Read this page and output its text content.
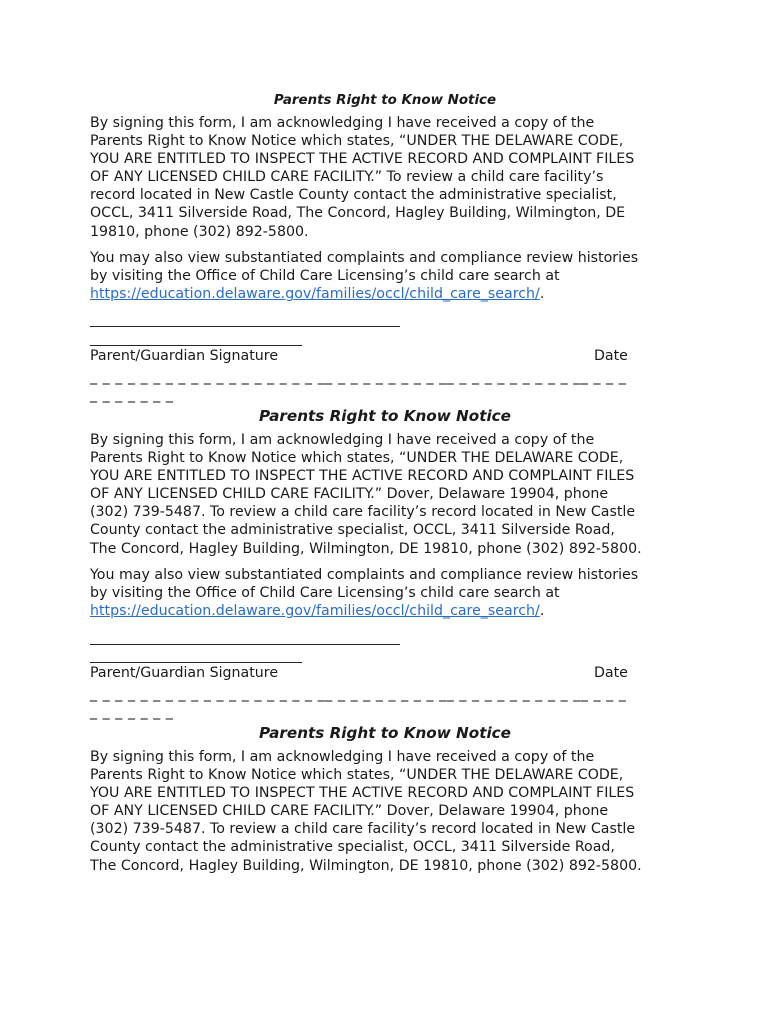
Parents Right to Know Notice

By signing this form, I am acknowledging I have received a copy of the
Parents Right to Know Notice which states, “UNDER THE DELAWARE CODE,
YOU ARE ENTITLED TO INSPECT THE ACTIVE RECORD AND COMPLAINT FILES
OF ANY LICENSED CHILD CARE FACILITY.” To review a child care facility’s
record located in New Castle County contact the administrative specialist,
OCCL, 3411 Silverside Road, The Concord, Hagley Building, Wilmington, DE
19810, phone (302) 892-5800.

You may also view substantiated complaints and compliance review histories
by visiting the Office of Child Care Licensing’s child care search at
https://education.delaware.gov/families/occl/child_care_search/.

Parent/Guardian Signature	Date

_ _ _ _ _ _ _ _ _ _ _ _ _ _ _ _ _ _ __ _ _ _ _ _ _ _ _ __ _ _ _ _ _ _ _ _ _ __ _ _ _

_ _ _ _ _ _ _

Parents Right to Know Notice

By signing this form, I am acknowledging I have received a copy of the
Parents Right to Know Notice which states, “UNDER THE DELAWARE CODE,
YOU ARE ENTITLED TO INSPECT THE ACTIVE RECORD AND COMPLAINT FILES
OF ANY LICENSED CHILD CARE FACILITY.” Dover, Delaware 19904, phone
(302) 739-5487. To review a child care facility’s record located in New Castle
County contact the administrative specialist, OCCL, 3411 Silverside Road,
The Concord, Hagley Building, Wilmington, DE 19810, phone (302) 892-5800.

You may also view substantiated complaints and compliance review histories
by visiting the Office of Child Care Licensing’s child care search at
https://education.delaware.gov/families/occl/child_care_search/.

Parent/Guardian Signature	Date

_ _ _ _ _ _ _ _ _ _ _ _ _ _ _ _ _ _ __ _ _ _ _ _ _ _ _ __ _ _ _ _ _ _ _ _ _ __ _ _ _

_ _ _ _ _ _ _

Parents Right to Know Notice

By signing this form, I am acknowledging I have received a copy of the
Parents Right to Know Notice which states, “UNDER THE DELAWARE CODE,
YOU ARE ENTITLED TO INSPECT THE ACTIVE RECORD AND COMPLAINT FILES
OF ANY LICENSED CHILD CARE FACILITY.” Dover, Delaware 19904, phone
(302) 739-5487. To review a child care facility’s record located in New Castle
County contact the administrative specialist, OCCL, 3411 Silverside Road,
The Concord, Hagley Building, Wilmington, DE 19810, phone (302) 892-5800.
